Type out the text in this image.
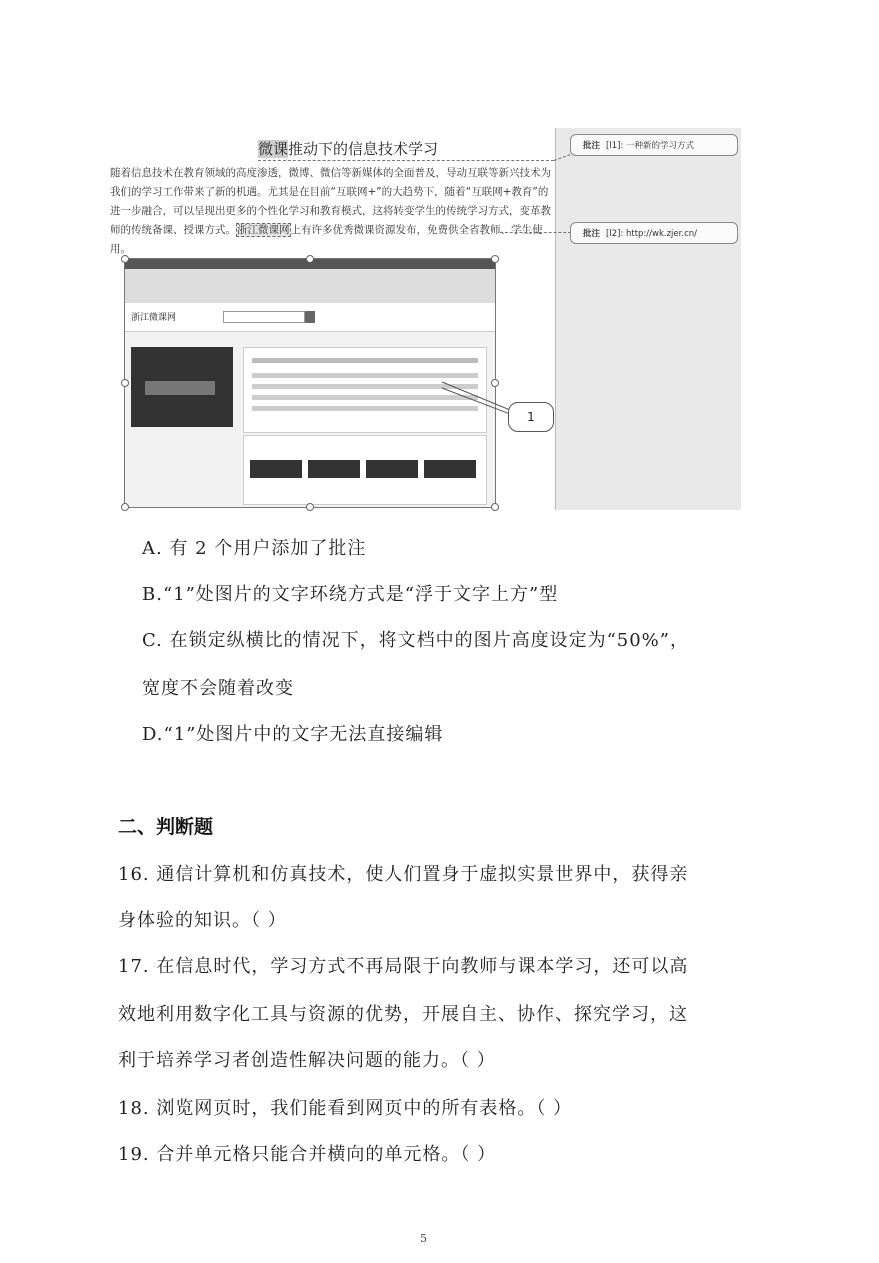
微课推动下的信息技术学习
随着信息技术在教育领域的高度渗透，微博、微信等新媒体的全面普及，导动互联等新兴技术为我们的学习工作带来了新的机遇。尤其是在目前“互联网+”的大趋势下，随着“互联网+教育”的进一步融合，可以呈现出更多的个性化学习和教育模式，这将转变学生的传统学习方式，变革教师的传统备课、授课方式。浙江微课网上有许多优秀微课资源发布，免费供全省教师、学生使用。
批注 [l1]: 一种新的学习方式
批注 [l2]: http://wk.zjer.cn/
浙江微课网
1
A. 有 2 个用户添加了批注
B.“1”处图片的文字环绕方式是“浮于文字上方”型
C. 在锁定纵横比的情况下，将文档中的图片高度设定为“50%”，
宽度不会随着改变
D.“1”处图片中的文字无法直接编辑
二、判断题
16. 通信计算机和仿真技术，使人们置身于虚拟实景世界中，获得亲
身体验的知识。（ ）
17. 在信息时代，学习方式不再局限于向教师与课本学习，还可以高
效地利用数字化工具与资源的优势，开展自主、协作、探究学习，这
利于培养学习者创造性解决问题的能力。（ ）
18. 浏览网页时，我们能看到网页中的所有表格。（ ）
19. 合并单元格只能合并横向的单元格。（ ）
5
